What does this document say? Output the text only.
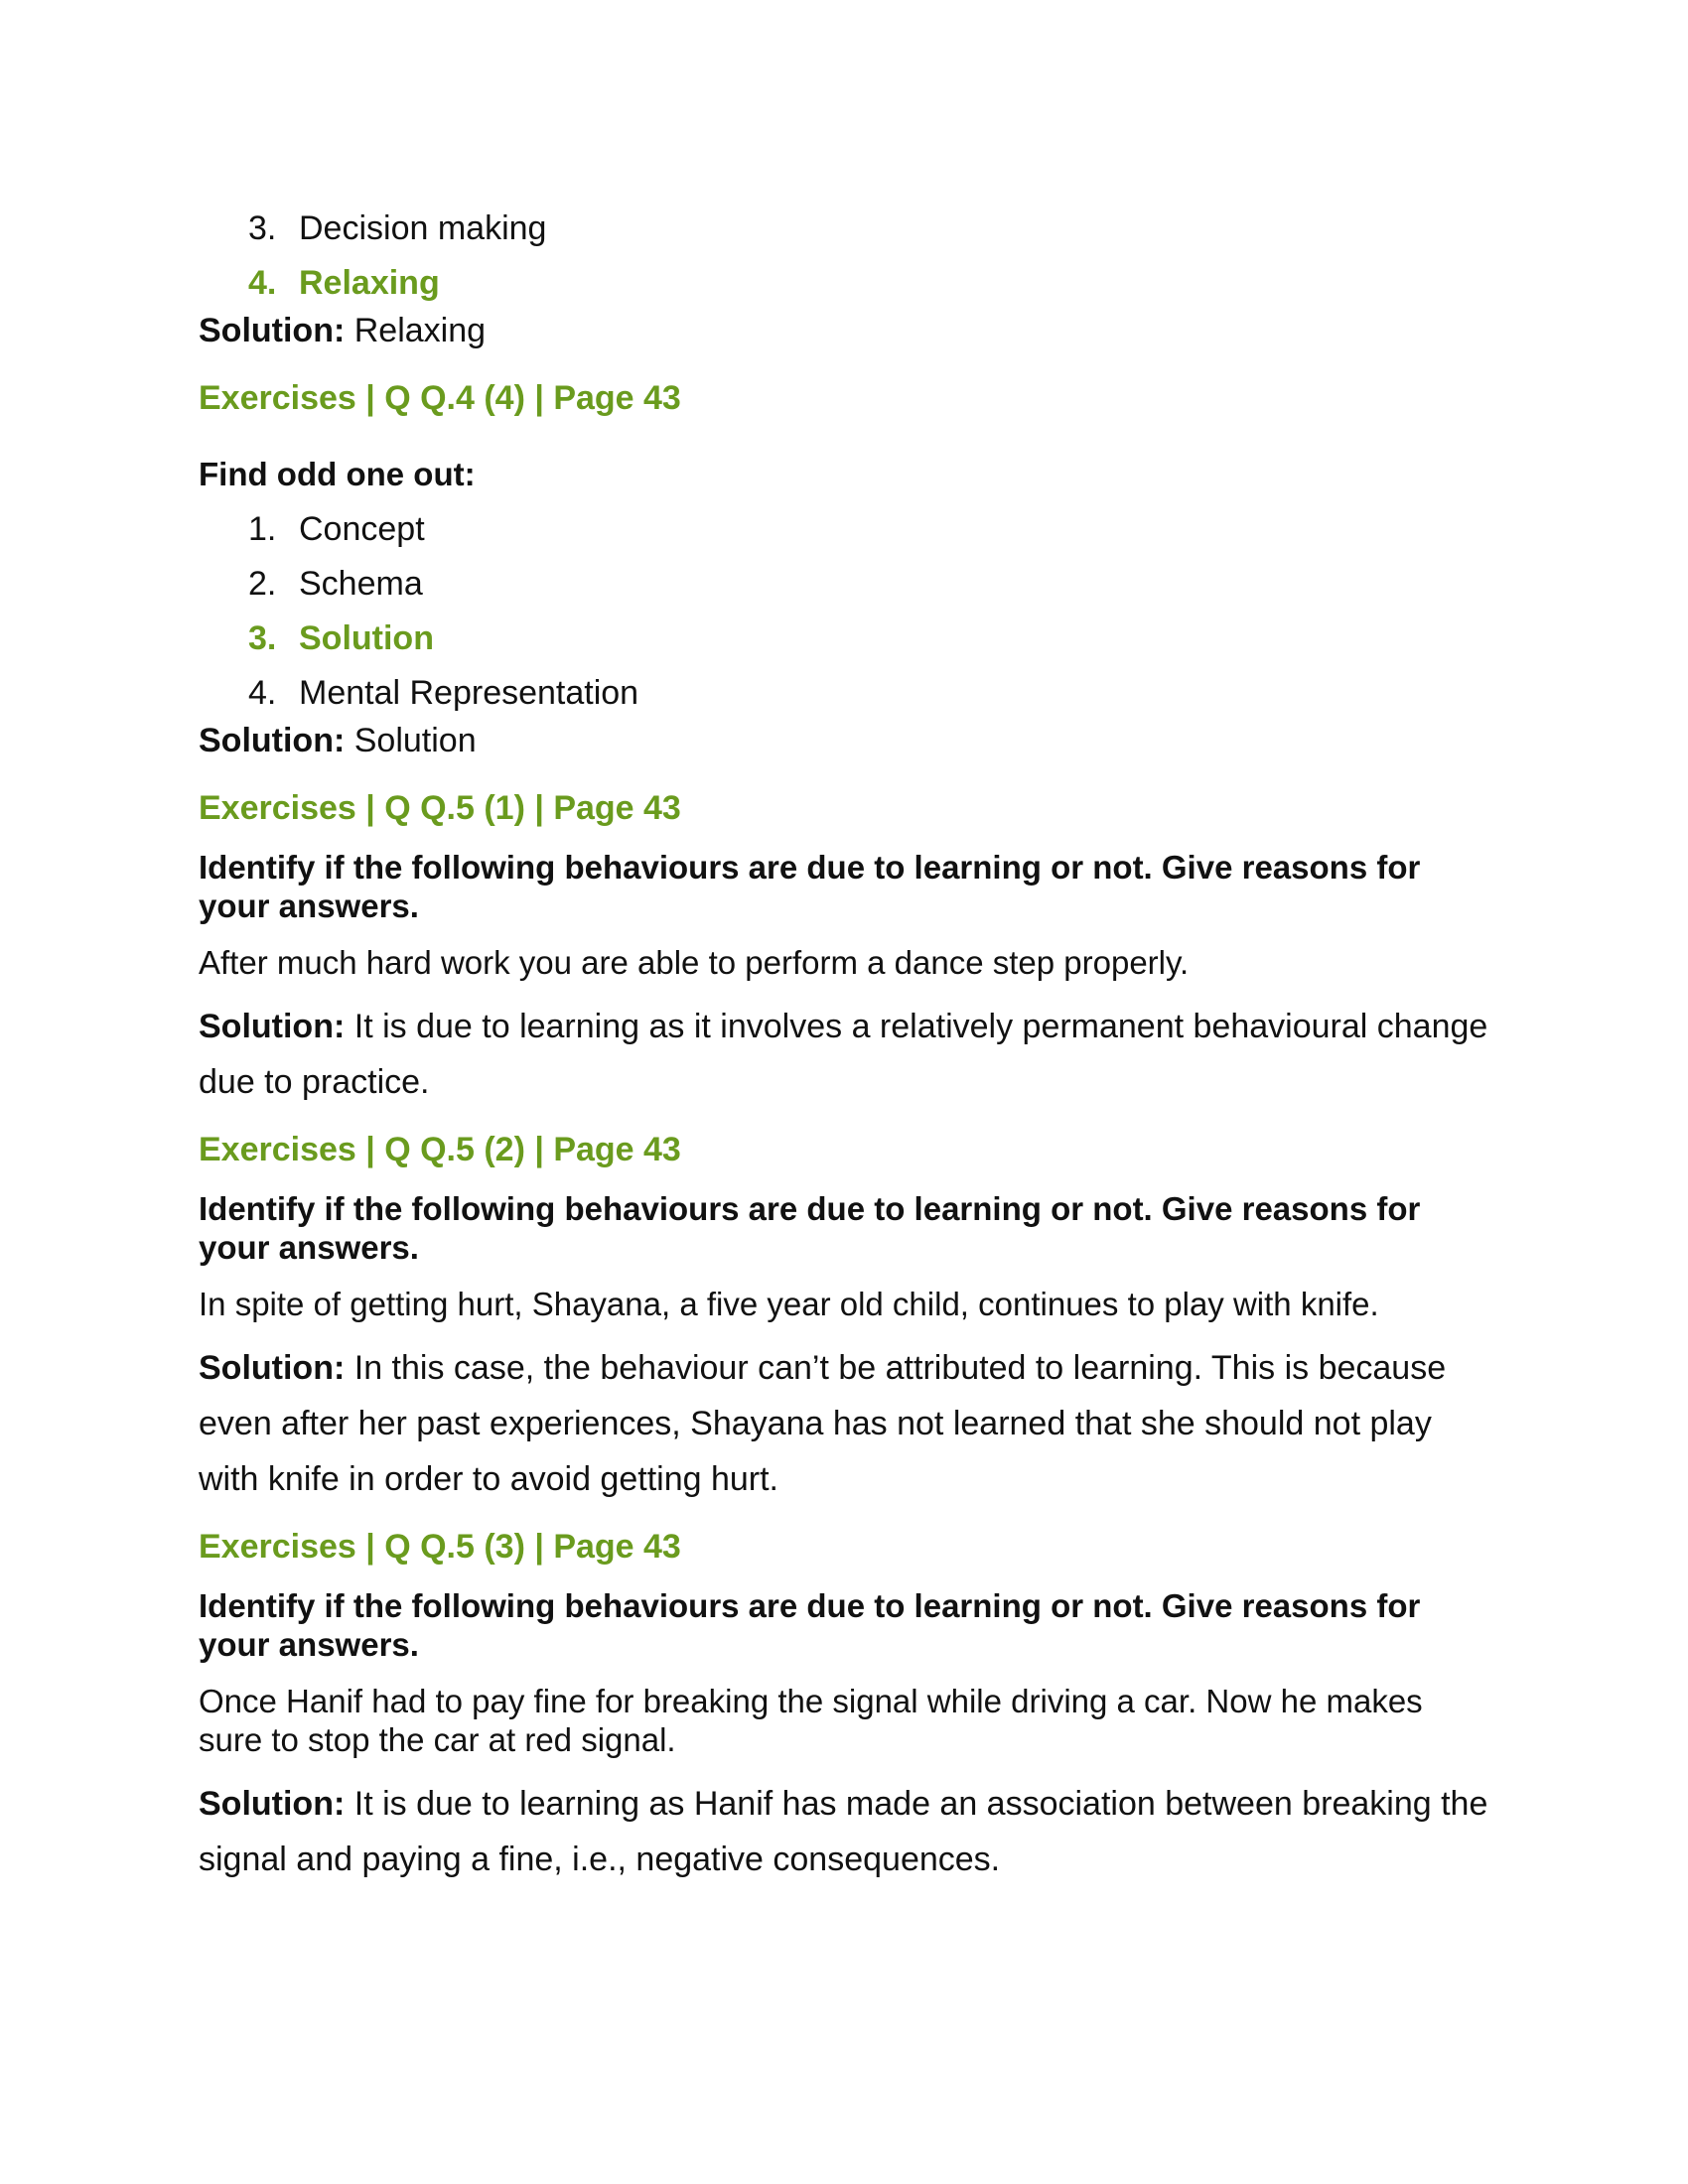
3. Decision making
4. Relaxing

Solution: Relaxing

Exercises | Q Q.4 (4) | Page 43

Find odd one out:

1. Concept
2. Schema
3. Solution
4. Mental Representation

Solution: Solution

Exercises | Q Q.5 (1) | Page 43

Identify if the following behaviours are due to learning or not. Give reasons for your answers.

After much hard work you are able to perform a dance step properly.

Solution: It is due to learning as it involves a relatively permanent behavioural change due to practice.

Exercises | Q Q.5 (2) | Page 43

Identify if the following behaviours are due to learning or not. Give reasons for your answers.

In spite of getting hurt, Shayana, a five year old child, continues to play with knife.

Solution: In this case, the behaviour can’t be attributed to learning. This is because even after her past experiences, Shayana has not learned that she should not play with knife in order to avoid getting hurt.

Exercises | Q Q.5 (3) | Page 43

Identify if the following behaviours are due to learning or not. Give reasons for your answers.

Once Hanif had to pay fine for breaking the signal while driving a car. Now he makes sure to stop the car at red signal.

Solution: It is due to learning as Hanif has made an association between breaking the signal and paying a fine, i.e., negative consequences.
